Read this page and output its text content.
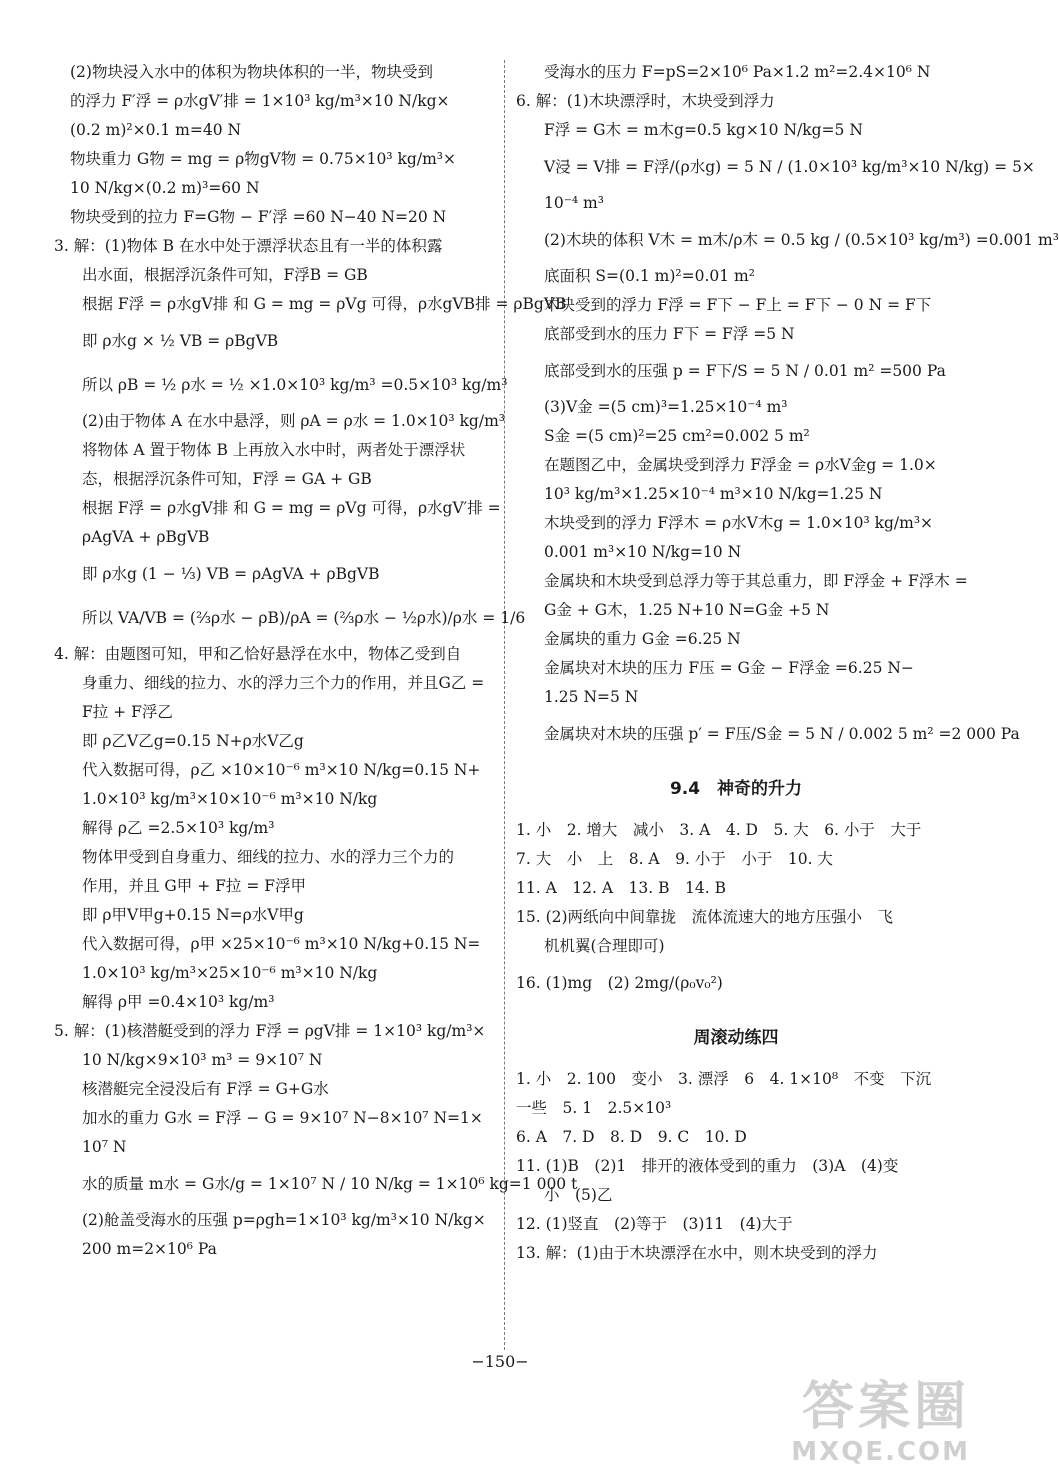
(2)物块浸入水中的体积为物块体积的一半，物块受到
的浮力 F′浮 = ρ水gV′排 = 1×10³ kg/m³×10 N/kg×
(0.2 m)²×0.1 m=40 N
物块重力 G物 = mg = ρ物gV物 = 0.75×10³ kg/m³×
10 N/kg×(0.2 m)³=60 N
物块受到的拉力 F=G物 − F′浮 =60 N−40 N=20 N
3. 解：(1)物体 B 在水中处于漂浮状态且有一半的体积露
出水面，根据浮沉条件可知，F浮B = GB
根据 F浮 = ρ水gV排 和 G = mg = ρVg 可得，ρ水gVB排 = ρBgVB
即 ρ水g × ½ VB = ρBgVB
所以 ρB = ½ ρ水 = ½ ×1.0×10³ kg/m³ =0.5×10³ kg/m³
(2)由于物体 A 在水中悬浮，则 ρA = ρ水 = 1.0×10³ kg/m³
将物体 A 置于物体 B 上再放入水中时，两者处于漂浮状
态，根据浮沉条件可知，F浮 = GA + GB
根据 F浮 = ρ水gV排 和 G = mg = ρVg 可得，ρ水gV′排 =
ρAgVA + ρBgVB
即 ρ水g (1 − ⅓) VB = ρAgVA + ρBgVB
所以 VA/VB = (⅔ρ水 − ρB)/ρA = (⅔ρ水 − ½ρ水)/ρ水 = 1/6
4. 解：由题图可知，甲和乙恰好悬浮在水中，物体乙受到自
身重力、细线的拉力、水的浮力三个力的作用，并且G乙 =
F拉 + F浮乙
即 ρ乙V乙g=0.15 N+ρ水V乙g
代入数据可得，ρ乙 ×10×10⁻⁶ m³×10 N/kg=0.15 N+
1.0×10³ kg/m³×10×10⁻⁶ m³×10 N/kg
解得 ρ乙 =2.5×10³ kg/m³
物体甲受到自身重力、细线的拉力、水的浮力三个力的
作用，并且 G甲 + F拉 = F浮甲
即 ρ甲V甲g+0.15 N=ρ水V甲g
代入数据可得，ρ甲 ×25×10⁻⁶ m³×10 N/kg+0.15 N=
1.0×10³ kg/m³×25×10⁻⁶ m³×10 N/kg
解得 ρ甲 =0.4×10³ kg/m³
5. 解：(1)核潜艇受到的浮力 F浮 = ρgV排 = 1×10³ kg/m³×
10 N/kg×9×10³ m³ = 9×10⁷ N
核潜艇完全浸没后有 F浮 = G+G水
加水的重力 G水 = F浮 − G = 9×10⁷ N−8×10⁷ N=1×
10⁷ N
水的质量 m水 = G水/g = 1×10⁷ N / 10 N/kg = 1×10⁶ kg=1 000 t
(2)舱盖受海水的压强 p=ρgh=1×10³ kg/m³×10 N/kg×
200 m=2×10⁶ Pa
受海水的压力 F=pS=2×10⁶ Pa×1.2 m²=2.4×10⁶ N
6. 解：(1)木块漂浮时，木块受到浮力
F浮 = G木 = m木g=0.5 kg×10 N/kg=5 N
V浸 = V排 = F浮/(ρ水g) = 5 N / (1.0×10³ kg/m³×10 N/kg) = 5×
10⁻⁴ m³
(2)木块的体积 V木 = m木/ρ木 = 0.5 kg / (0.5×10³ kg/m³) =0.001 m³
底面积 S=(0.1 m)²=0.01 m²
木块受到的浮力 F浮 = F下 − F上 = F下 − 0 N = F下
底部受到水的压力 F下 = F浮 =5 N
底部受到水的压强 p = F下/S = 5 N / 0.01 m² =500 Pa
(3)V金 =(5 cm)³=1.25×10⁻⁴ m³
S金 =(5 cm)²=25 cm²=0.002 5 m²
在题图乙中，金属块受到浮力 F浮金 = ρ水V金g = 1.0×
10³ kg/m³×1.25×10⁻⁴ m³×10 N/kg=1.25 N
木块受到的浮力 F浮木 = ρ水V木g = 1.0×10³ kg/m³×
0.001 m³×10 N/kg=10 N
金属块和木块受到总浮力等于其总重力，即 F浮金 + F浮木 =
G金 + G木，1.25 N+10 N=G金 +5 N
金属块的重力 G金 =6.25 N
金属块对木块的压力 F压 = G金 − F浮金 =6.25 N−
1.25 N=5 N
金属块对木块的压强 p′ = F压/S金 = 5 N / 0.002 5 m² =2 000 Pa
9.4　神奇的升力
1. 小　2. 增大　减小　3. A　4. D　5. 大　6. 小于　大于
7. 大　小　上　8. A　9. 小于　小于　10. 大
11. A　12. A　13. B　14. B
15. (2)两纸向中间靠拢　流体流速大的地方压强小　飞
机机翼(合理即可)
16. (1)mg　(2) 2mg/(ρ₀v₀²)
周滚动练四
1. 小　2. 100　变小　3. 漂浮　6　4. 1×10⁸　不变　下沉
一些　5. 1　2.5×10³
6. A　7. D　8. D　9. C　10. D
11. (1)B　(2)1　排开的液体受到的重力　(3)A　(4)变
小　(5)乙
12. (1)竖直　(2)等于　(3)11　(4)大于
13. 解：(1)由于木块漂浮在水中，则木块受到的浮力
−150−
答案圈
MXQE.COM
